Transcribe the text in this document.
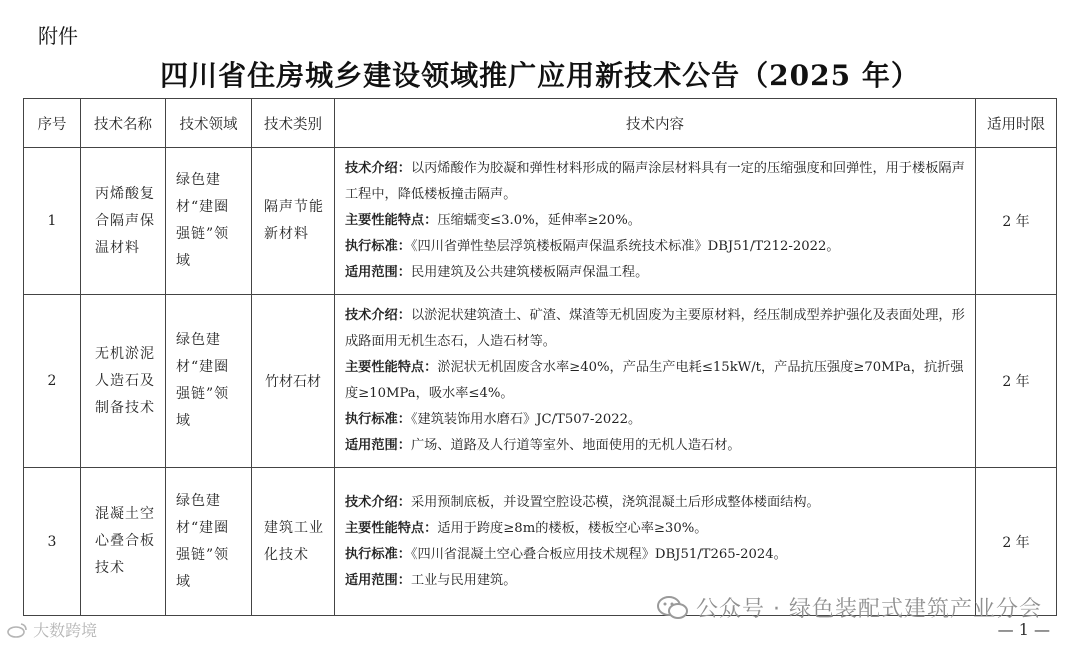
附件
四川省住房城乡建设领域推广应用新技术公告（2025 年）
序号	技术名称	技术领域	技术类别	技术内容	适用时限
1	丙烯酸复合隔声保温材料	绿色建材“建圈强链”领域	隔声节能新材料	技术介绍：以丙烯酸作为胶凝和弹性材料形成的隔声涂层材料具有一定的压缩强度和回弹性，用于楼板隔声工程中，降低楼板撞击隔声。
主要性能特点：压缩蠕变≤3.0%，延伸率≥20%。
执行标准：《四川省弹性垫层浮筑楼板隔声保温系统技术标准》DBJ51/T212-2022。
适用范围：民用建筑及公共建筑楼板隔声保温工程。	2 年
2	无机淤泥人造石及制备技术	绿色建材“建圈强链”领域	竹材石材	技术介绍：以淤泥状建筑渣土、矿渣、煤渣等无机固废为主要原材料，经压制成型养护强化及表面处理，形成路面用无机生态石，人造石材等。
主要性能特点：淤泥状无机固废含水率≥40%，产品生产电耗≤15kW/t，产品抗压强度≥70MPa，抗折强度≥10MPa，吸水率≤4%。
执行标准：《建筑装饰用水磨石》JC/T507-2022。
适用范围：广场、道路及人行道等室外、地面使用的无机人造石材。	2 年
3	混凝土空心叠合板技术	绿色建材“建圈强链”领域	建筑工业化技术	技术介绍：采用预制底板，并设置空腔设芯模，浇筑混凝土后形成整体楼面结构。
主要性能特点：适用于跨度≥8m的楼板，楼板空心率≥30%。
执行标准：《四川省混凝土空心叠合板应用技术规程》DBJ51/T265-2024。
适用范围：工业与民用建筑。	2 年
公众号 · 绿色装配式建筑产业分会
大数跨境	— 1 —
